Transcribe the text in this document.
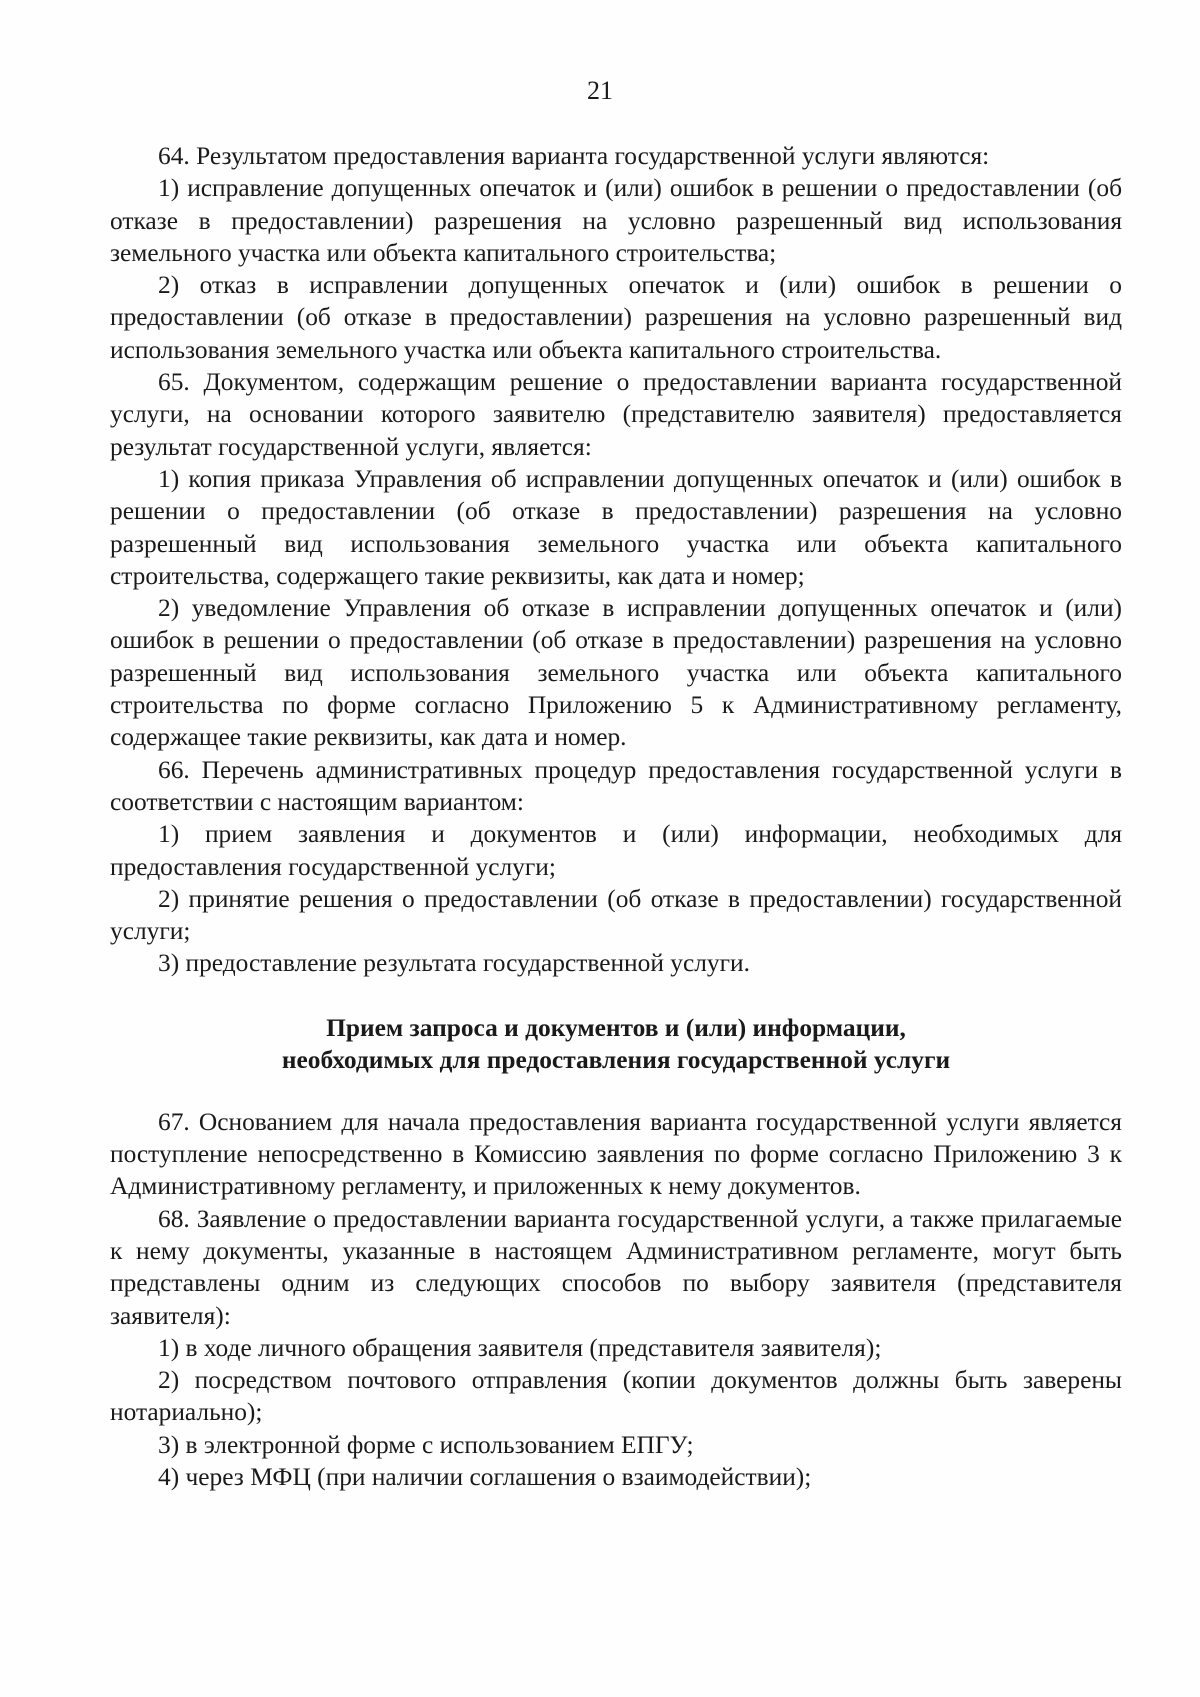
21

64. Результатом предоставления варианта государственной услуги являются:

1) исправление допущенных опечаток и (или) ошибок в решении о предоставлении (об отказе в предоставлении) разрешения на условно разрешенный вид использования земельного участка или объекта капитального строительства;

2) отказ в исправлении допущенных опечаток и (или) ошибок в решении о предоставлении (об отказе в предоставлении) разрешения на условно разрешенный вид использования земельного участка или объекта капитального строительства.

65. Документом, содержащим решение о предоставлении варианта государственной услуги, на основании которого заявителю (представителю заявителя) предоставляется результат государственной услуги, является:

1) копия приказа Управления об исправлении допущенных опечаток и (или) ошибок в решении о предоставлении (об отказе в предоставлении) разрешения на условно разрешенный вид использования земельного участка или объекта капитального строительства, содержащего такие реквизиты, как дата и номер;

2) уведомление Управления об отказе в исправлении допущенных опечаток и (или) ошибок в решении о предоставлении (об отказе в предоставлении) разрешения на условно разрешенный вид использования земельного участка или объекта капитального строительства по форме согласно Приложению 5 к Административному регламенту, содержащее такие реквизиты, как дата и номер.

66. Перечень административных процедур предоставления государственной услуги в соответствии с настоящим вариантом:

1) прием заявления и документов и (или) информации, необходимых для предоставления государственной услуги;

2) принятие решения о предоставлении (об отказе в предоставлении) государственной услуги;

3) предоставление результата государственной услуги.

Прием запроса и документов и (или) информации,
необходимых для предоставления государственной услуги

67. Основанием для начала предоставления варианта государственной услуги является поступление непосредственно в Комиссию заявления по форме согласно Приложению 3 к Административному регламенту, и приложенных к нему документов.

68. Заявление о предоставлении варианта государственной услуги, а также прилагаемые к нему документы, указанные в настоящем Административном регламенте, могут быть представлены одним из следующих способов по выбору заявителя (представителя заявителя):

1) в ходе личного обращения заявителя (представителя заявителя);

2) посредством почтового отправления (копии документов должны быть заверены нотариально);

3) в электронной форме с использованием ЕПГУ;

4) через МФЦ (при наличии соглашения о взаимодействии);
